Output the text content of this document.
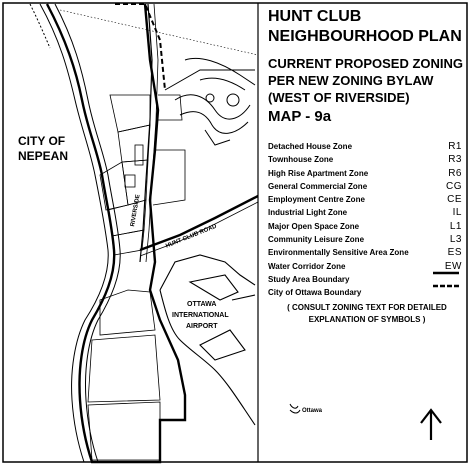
HUNT CLUB
NEIGHBOURHOOD PLAN
CURRENT PROPOSED ZONING
PER NEW ZONING BYLAW
(WEST OF RIVERSIDE)
MAP - 9a
Detached House Zone	R1
Townhouse Zone	R3
High Rise Apartment Zone	R6
General Commercial Zone	CG
Employment Centre Zone	CE
Industrial Light Zone	IL
Major Open Space Zone	L1
Community Leisure Zone	L3
Environmentally Sensitive Area Zone	ES
Water Corridor Zone	EW
Study Area Boundary
City of Ottawa Boundary
( CONSULT ZONING TEXT FOR DETAILED
EXPLANATION OF SYMBOLS )
CITY OF
NEPEAN
OTTAWA
INTERNATIONAL
AIRPORT
RIVERSIDE
HUNT CLUB ROAD
Ottawa
